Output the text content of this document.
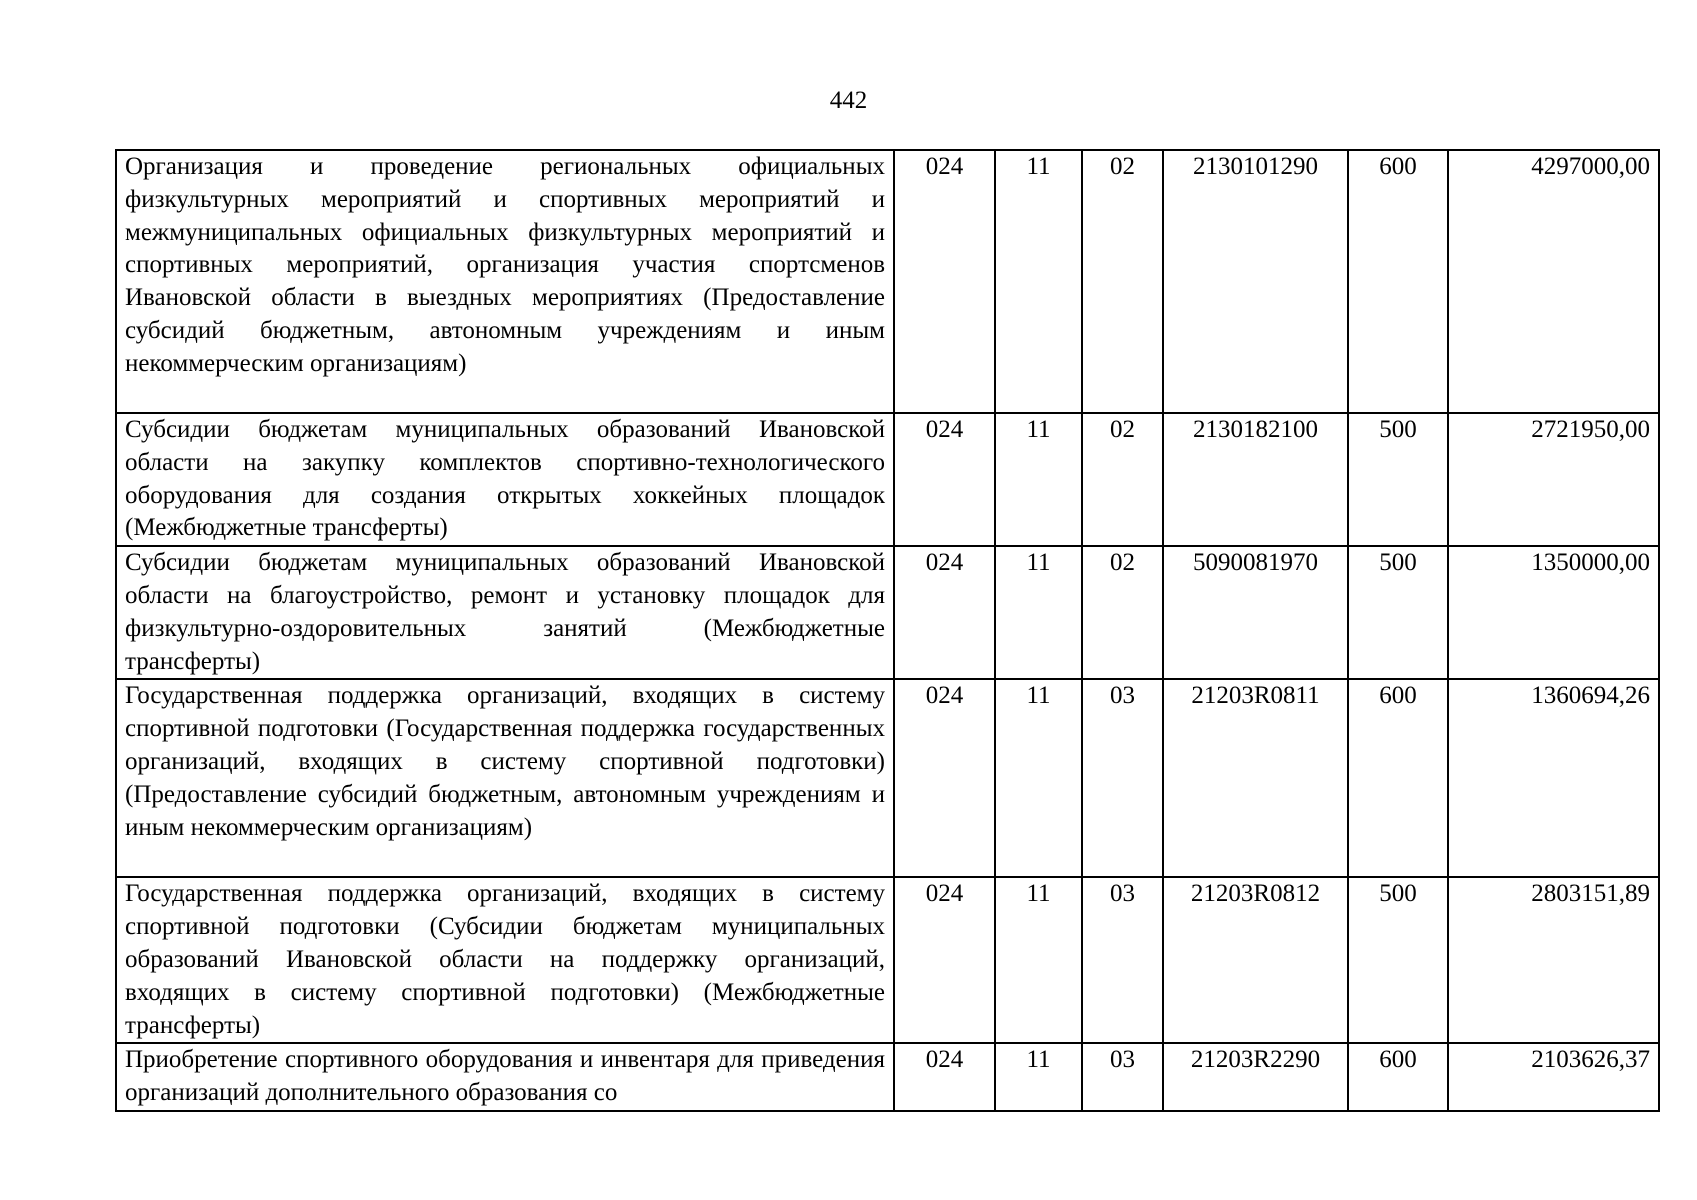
442
Организация и проведение региональных официальных физкультурных мероприятий и спортивных мероприятий и межмуниципальных официальных физкультурных мероприятий и спортивных мероприятий, организация участия спортсменов Ивановской области в выездных мероприятиях (Предоставление субсидий бюджетным, автономным учреждениям и иным некоммерческим организациям)	024	11	02	2130101290	600	4297000,00
Субсидии бюджетам муниципальных образований Ивановской области на закупку комплектов спортивно-технологического оборудования для создания открытых хоккейных площадок (Межбюджетные трансферты)	024	11	02	2130182100	500	2721950,00
Субсидии бюджетам муниципальных образований Ивановской области на благоустройство, ремонт и установку площадок для физкультурно-оздоровительных занятий (Межбюджетные трансферты)	024	11	02	5090081970	500	1350000,00
Государственная поддержка организаций, входящих в систему спортивной подготовки (Государственная поддержка государственных организаций, входящих в систему спортивной подготовки) (Предоставление субсидий бюджетным, автономным учреждениям и иным некоммерческим организациям)	024	11	03	21203R0811	600	1360694,26
Государственная поддержка организаций, входящих в систему спортивной подготовки (Субсидии бюджетам муниципальных образований Ивановской области на поддержку организаций, входящих в систему спортивной подготовки) (Межбюджетные трансферты)	024	11	03	21203R0812	500	2803151,89
Приобретение спортивного оборудования и инвентаря для приведения организаций дополнительного образования со	024	11	03	21203R2290	600	2103626,37
